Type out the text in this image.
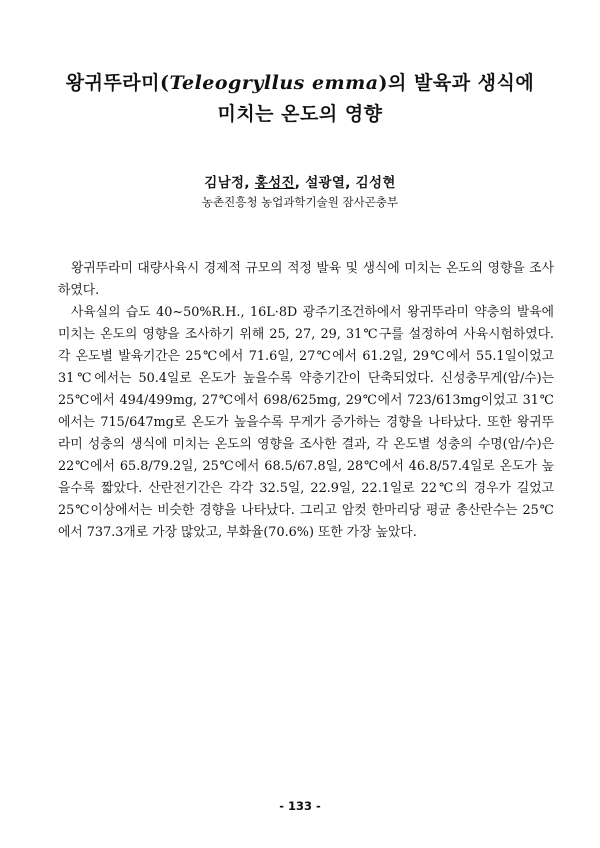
왕귀뚜라미(Teleogryllus emma)의 발육과 생식에
미치는 온도의 영향
김남정, 홍성진, 설광열, 김성현
농촌진흥청 농업과학기술원 잠사곤충부

왕귀뚜라미 대량사육시 경제적 규모의 적정 발육 및 생식에 미치는 온도의 영향을 조사하였다.

사육실의 습도 40∼50%R.H., 16L·8D 광주기조건하에서 왕귀뚜라미 약충의 발육에 미치는 온도의 영향을 조사하기 위해 25, 27, 29, 31℃구를 설정하여 사육시험하였다. 각 온도별 발육기간은 25℃에서 71.6일, 27℃에서 61.2일, 29℃에서 55.1일이었고 31℃에서는 50.4일로 온도가 높을수록 약충기간이 단축되었다. 신성충무게(암/수)는 25℃에서 494/499mg, 27℃에서 698/625mg, 29℃에서 723/613mg이었고 31℃에서는 715/647mg로 온도가 높을수록 무게가 증가하는 경향을 나타났다. 또한 왕귀뚜라미 성충의 생식에 미치는 온도의 영향을 조사한 결과, 각 온도별 성충의 수명(암/수)은 22℃에서 65.8/79.2일, 25℃에서 68.5/67.8일, 28℃에서 46.8/57.4일로 온도가 높을수록 짧았다. 산란전기간은 각각 32.5일, 22.9일, 22.1일로 22℃의 경우가 길었고 25℃이상에서는 비슷한 경향을 나타났다. 그리고 암컷 한마리당 평균 총산란수는 25℃에서 737.3개로 가장 많았고, 부화율(70.6%) 또한 가장 높았다.

- 133 -
